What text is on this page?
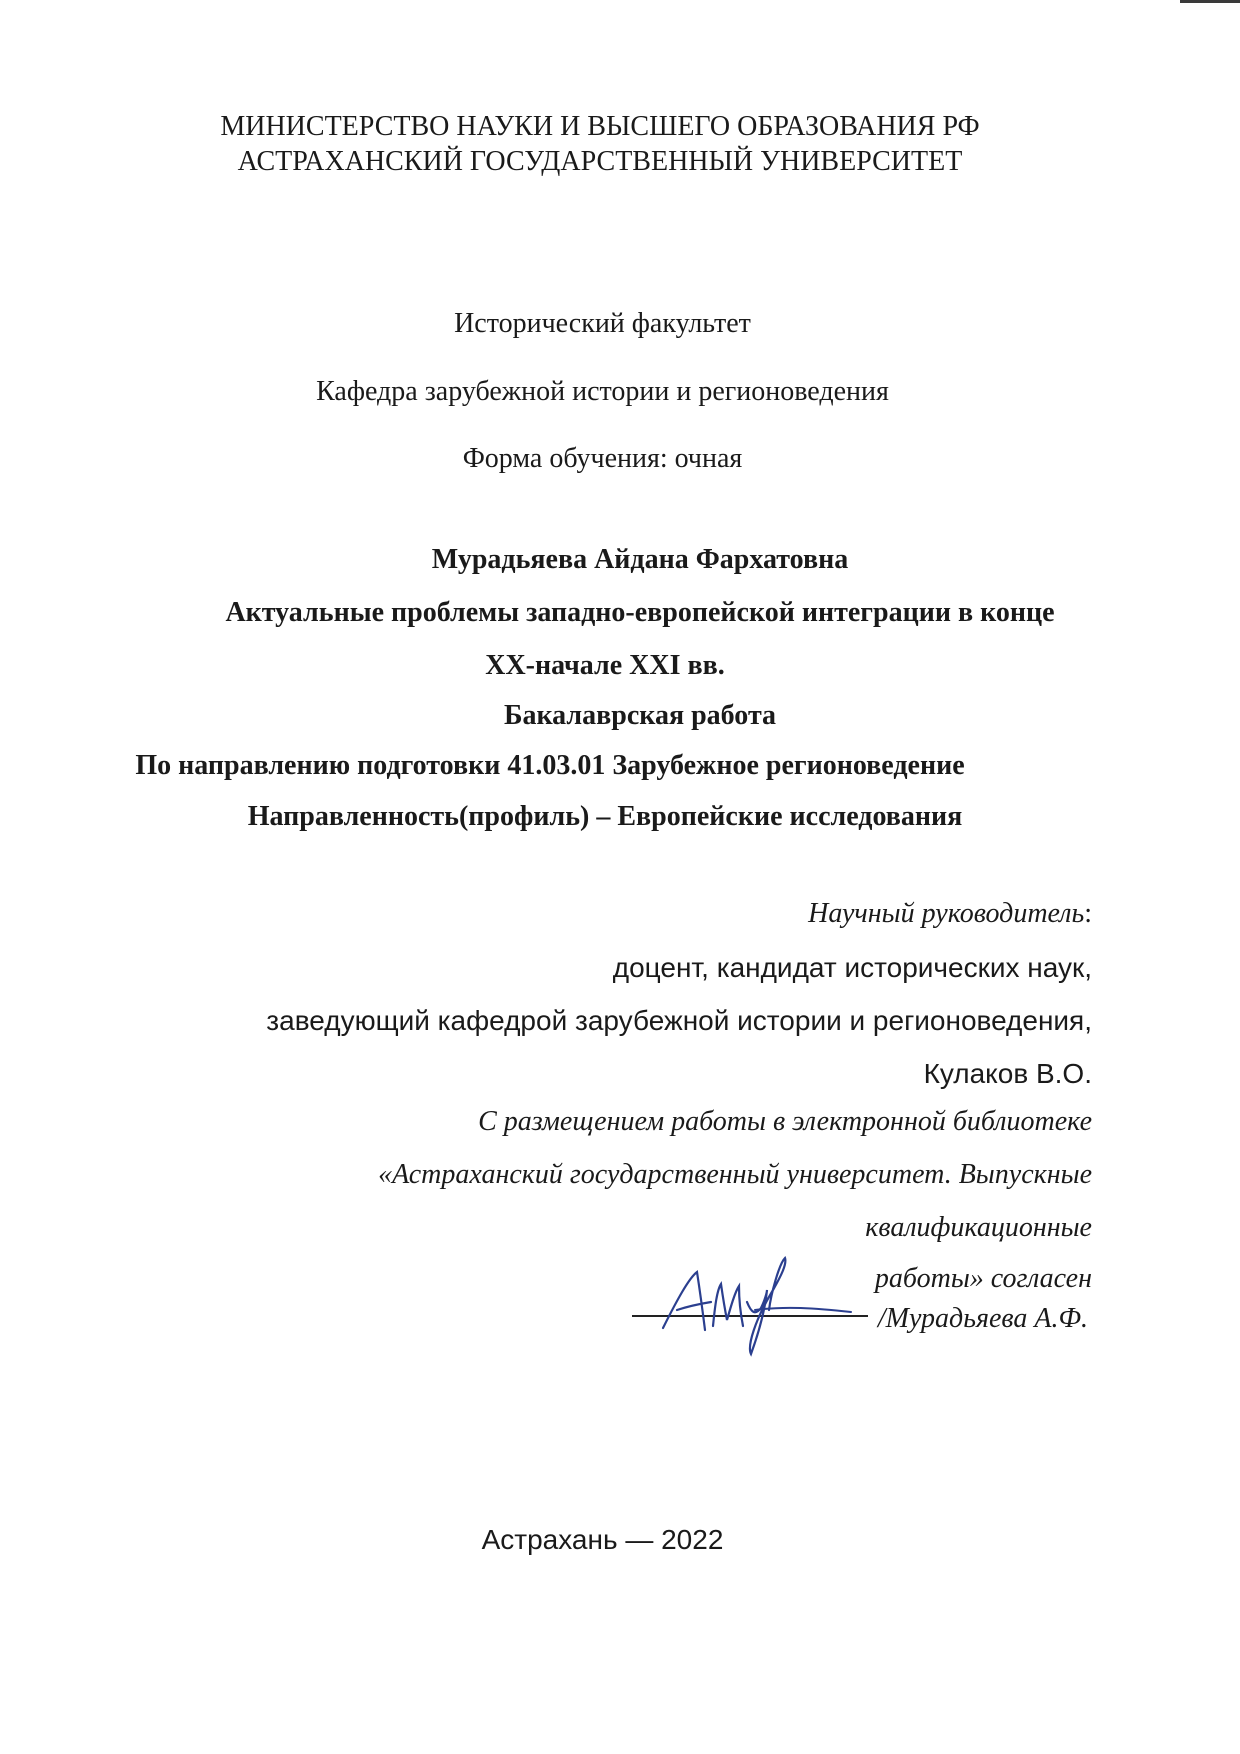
МИНИСТЕРСТВО НАУКИ И ВЫСШЕГО ОБРАЗОВАНИЯ РФ
АСТРАХАНСКИЙ ГОСУДАРСТВЕННЫЙ УНИВЕРСИТЕТ
Исторический факультет
Кафедра зарубежной истории и регионоведения
Форма обучения: очная
Мурадьяева Айдана Фархатовна
Актуальные проблемы западно-европейской интеграции в конце
XX-начале XXI вв.
Бакалаврская работа
По направлению подготовки 41.03.01 Зарубежное регионоведение
Направленность(профиль) – Европейские исследования
Научный руководитель:
доцент, кандидат исторических наук,
заведующий кафедрой зарубежной истории и регионоведения,
Кулаков В.О.
С размещением работы в электронной библиотеке
«Астраханский государственный университет. Выпускные
квалификационные
работы» согласен
/Мурадьяева А.Ф.
Астрахань — 2022
